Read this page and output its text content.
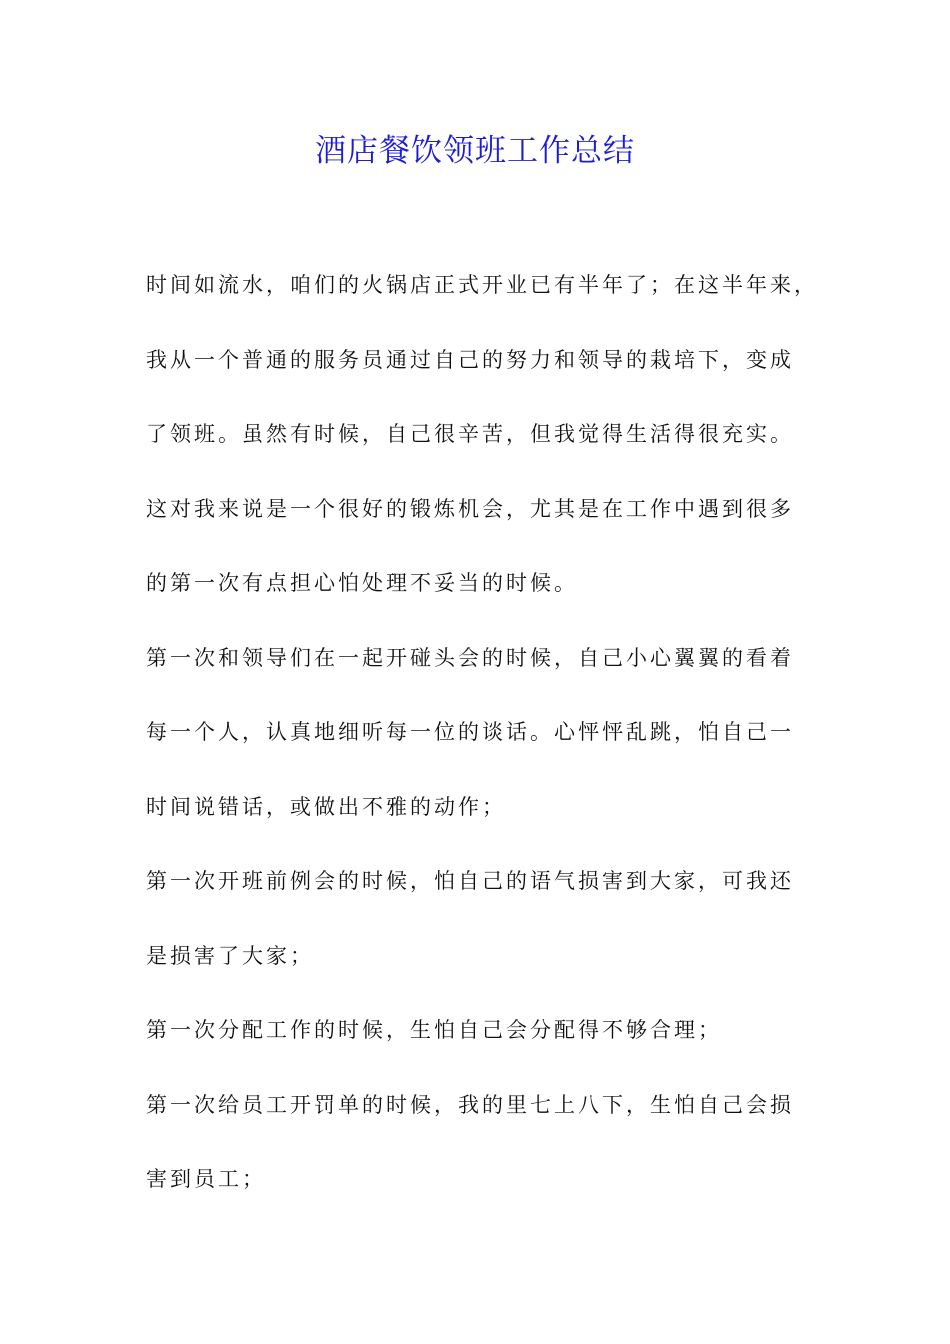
酒店餐饮领班工作总结
时间如流水，咱们的火锅店正式开业已有半年了；在这半年来，
我从一个普通的服务员通过自己的努力和领导的栽培下，变成
了领班。虽然有时候，自己很辛苦，但我觉得生活得很充实。
这对我来说是一个很好的锻炼机会，尤其是在工作中遇到很多
的第一次有点担心怕处理不妥当的时候。
第一次和领导们在一起开碰头会的时候，自己小心翼翼的看着
每一个人，认真地细听每一位的谈话。心怦怦乱跳，怕自己一
时间说错话，或做出不雅的动作；
第一次开班前例会的时候，怕自己的语气损害到大家，可我还
是损害了大家；
第一次分配工作的时候，生怕自己会分配得不够合理；
第一次给员工开罚单的时候，我的里七上八下，生怕自己会损
害到员工；
